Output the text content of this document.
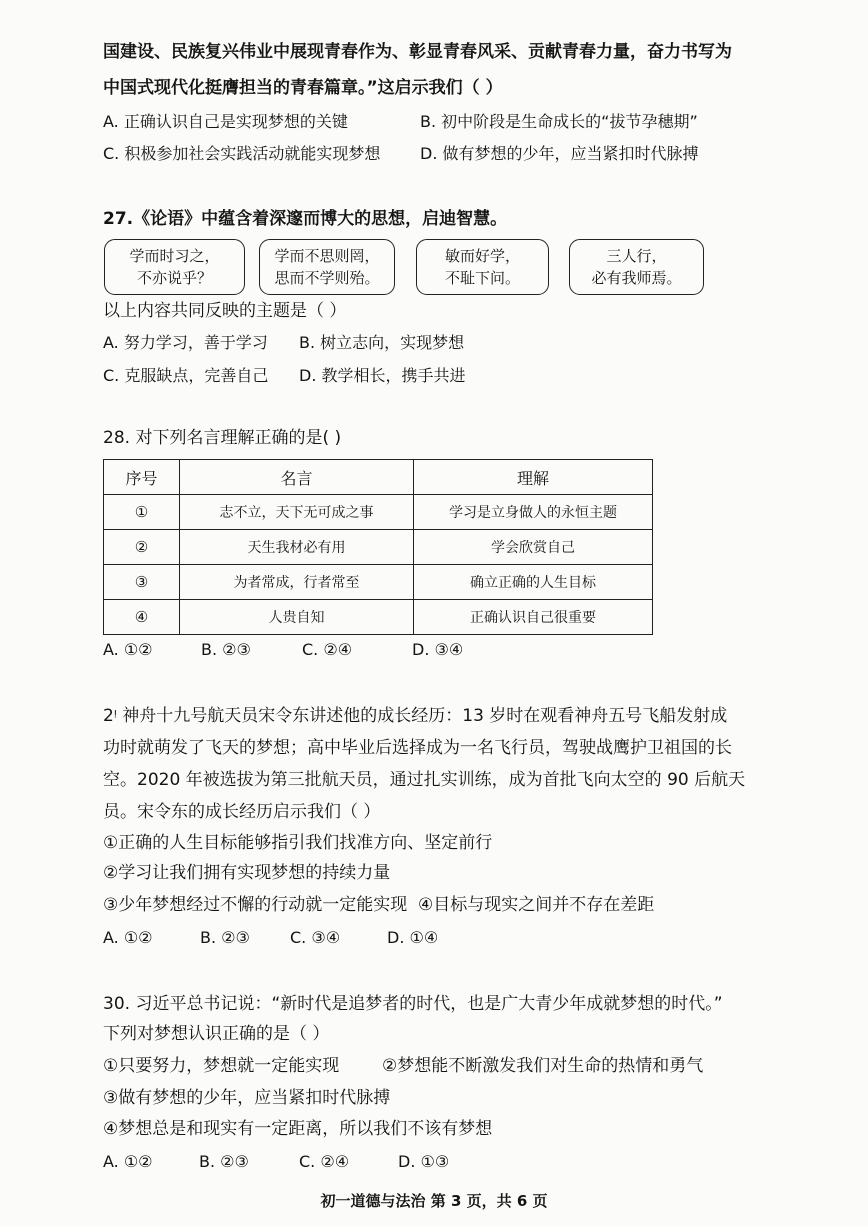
国建设、民族复兴伟业中展现青春作为、彰显青春风采、贡献青春力量，奋力书写为
中国式现代化挺膺担当的青春篇章。”这启示我们（ ）
A. 正确认识自己是实现梦想的关键	B. 初中阶段是生命成长的“拔节孕穗期”
C. 积极参加社会实践活动就能实现梦想 D. 做有梦想的少年，应当紧扣时代脉搏
27.《论语》中蕴含着深邃而博大的思想，启迪智慧。
学而时习之，
不亦说乎？
学而不思则罔，
思而不学则殆。
敏而好学，
不耻下问。
三人行，
必有我师焉。
以上内容共同反映的主题是（ ）
A. 努力学习，善于学习 B. 树立志向，实现梦想
C. 克服缺点，完善自己 D. 教学相长，携手共进
28. 对下列名言理解正确的是( )
序号	名言	理解
①	志不立，天下无可成之事	学习是立身做人的永恒主题
②	天生我材必有用	学会欣赏自己
③	为者常成，行者常至	确立正确的人生目标
④	人贵自知	正确认识自己很重要
A. ①②	B. ②③	C. ②④	D. ③④
2ᵎ 神舟十九号航天员宋令东讲述他的成长经历：13 岁时在观看神舟五号飞船发射成
功时就萌发了飞天的梦想；高中毕业后选择成为一名飞行员，驾驶战鹰护卫祖国的长
空。2020 年被选拔为第三批航天员，通过扎实训练，成为首批飞向太空的 90 后航天
员。宋令东的成长经历启示我们（ ）
①正确的人生目标能够指引我们找准方向、坚定前行
②学习让我们拥有实现梦想的持续力量
③少年梦想经过不懈的行动就一定能实现 ④目标与现实之间并不存在差距
A. ①②	B. ②③	C. ③④	D. ①④
30. 习近平总书记说：“新时代是追梦者的时代，也是广大青少年成就梦想的时代。”
下列对梦想认识正确的是（ ）
①只要努力，梦想就一定能实现	②梦想能不断激发我们对生命的热情和勇气
③做有梦想的少年，应当紧扣时代脉搏
④梦想总是和现实有一定距离，所以我们不该有梦想
A. ①②	B. ②③	C. ②④	D. ①③
初一道德与法治 第 3 页，共 6 页
